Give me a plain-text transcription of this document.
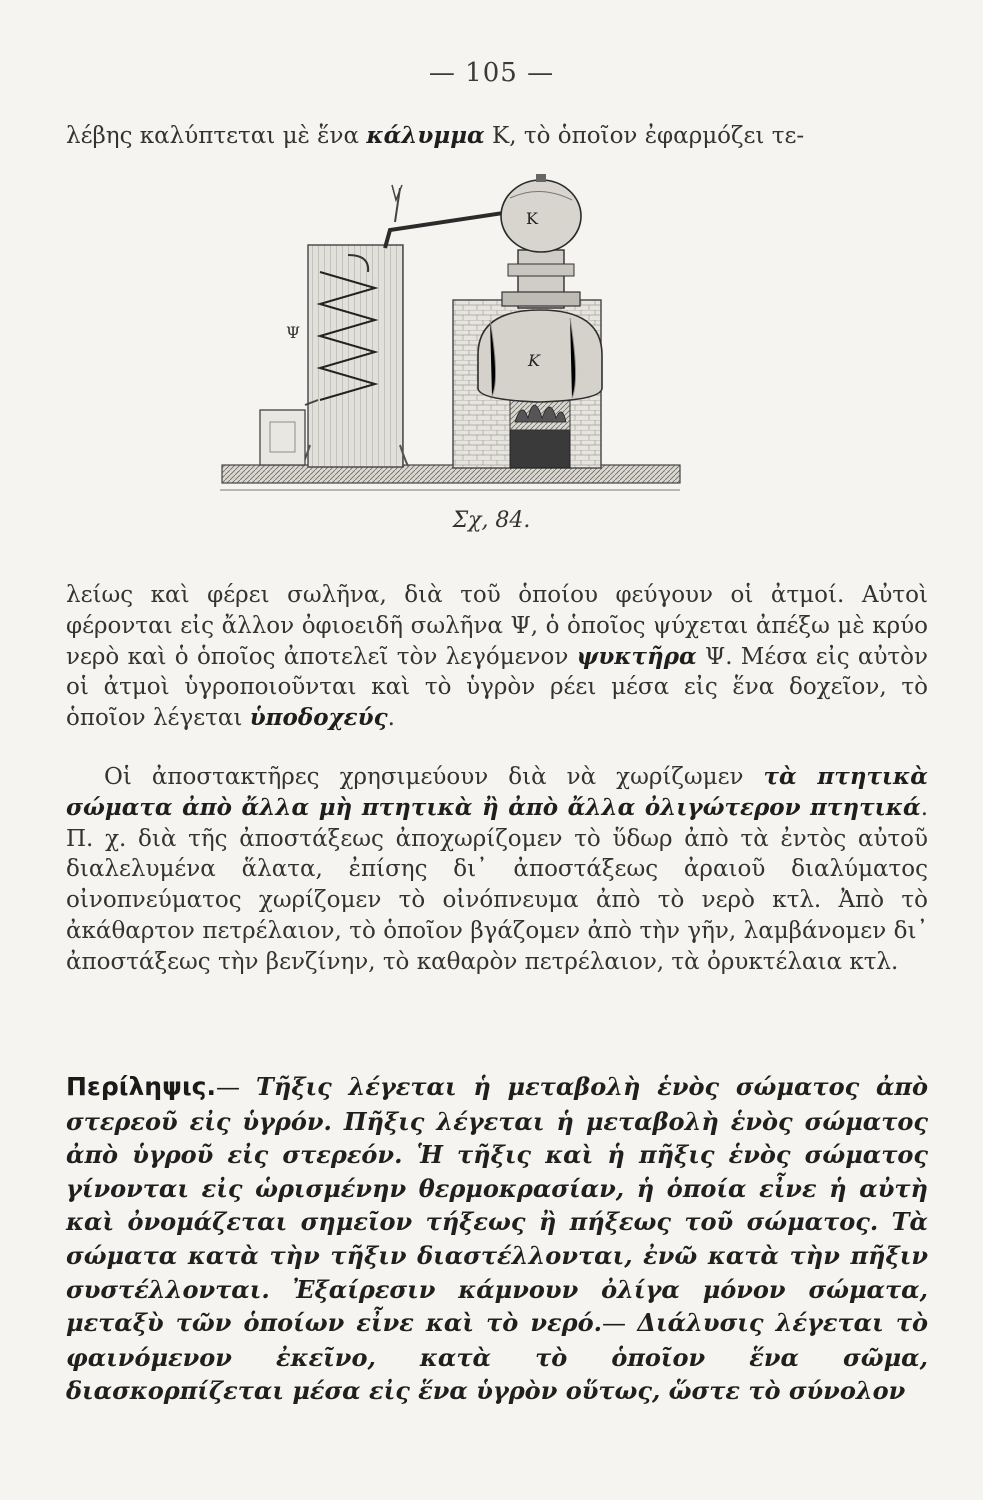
— 105 —
λέβης καλύπτεται μὲ ἕνα κάλυμμα Κ, τὸ ὁποῖον ἐφαρμόζει τε-
Ψ
Κ
Κ
Σχ, 84.
λείως καὶ φέρει σωλῆνα, διὰ τοῦ ὁποίου φεύγουν οἱ ἀτμοί. Αὐτοὶ φέρονται εἰς ἄλλον ὀφιοειδῆ σωλῆνα Ψ, ὁ ὁποῖος ψύχεται ἀπέξω μὲ κρύο νερὸ καὶ ὁ ὁποῖος ἀποτελεῖ τὸν λεγόμενον ψυκτῆρα Ψ. Μέσα εἰς αὐτὸν οἱ ἀτμοὶ ὑγροποιοῦνται καὶ τὸ ὑγρὸν ρέει μέσα εἰς ἕνα δοχεῖον, τὸ ὁποῖον λέγεται ὑποδοχεύς.
Οἱ ἀποστακτῆρες χρησιμεύουν διὰ νὰ χωρίζωμεν τὰ πτητικὰ σώματα ἀπὸ ἄλλα μὴ πτητικὰ ἢ ἀπὸ ἄλλα ὀλιγώτερον πτητικά. Π. χ. διὰ τῆς ἀποστάξεως ἀποχωρίζομεν τὸ ὕδωρ ἀπὸ τὰ ἐντὸς αὐτοῦ διαλελυμένα ἅλατα, ἐπίσης δι᾽ ἀποστάξεως ἀραιοῦ διαλύματος οἰνοπνεύματος χωρίζομεν τὸ οἰνόπνευμα ἀπὸ τὸ νερὸ κτλ. Ἀπὸ τὸ ἀκάθαρτον πετρέλαιον, τὸ ὁποῖον βγάζομεν ἀπὸ τὴν γῆν, λαμβάνομεν δι᾽ ἀποστάξεως τὴν βενζίνην, τὸ καθαρὸν πετρέλαιον, τὰ ὀρυκτέλαια κτλ.
Περίληψις.— Τῆξις λέγεται ἡ μεταβολὴ ἑνὸς σώματος ἀπὸ στερεοῦ εἰς ὑγρόν. Πῆξις λέγεται ἡ μεταβολὴ ἑνὸς σώματος ἀπὸ ὑγροῦ εἰς στερεόν. Ἡ τῆξις καὶ ἡ πῆξις ἑνὸς σώματος γίνονται εἰς ὡρισμένην θερμοκρασίαν, ἡ ὁποία εἶνε ἡ αὐτὴ καὶ ὀνομάζεται σημεῖον τήξεως ἢ πήξεως τοῦ σώματος. Τὰ σώματα κατὰ τὴν τῆξιν διαστέλλονται, ἐνῶ κατὰ τὴν πῆξιν συστέλλονται. Ἐξαίρεσιν κάμνουν ὀλίγα μόνον σώματα, μεταξὺ τῶν ὁποίων εἶνε καὶ τὸ νερό.— Διάλυσις λέγεται τὸ φαινόμενον ἐκεῖνο, κατὰ τὸ ὁποῖον ἕνα σῶμα, διασκορπίζεται μέσα εἰς ἕνα ὑγρὸν οὕτως, ὥστε τὸ σύνολον
